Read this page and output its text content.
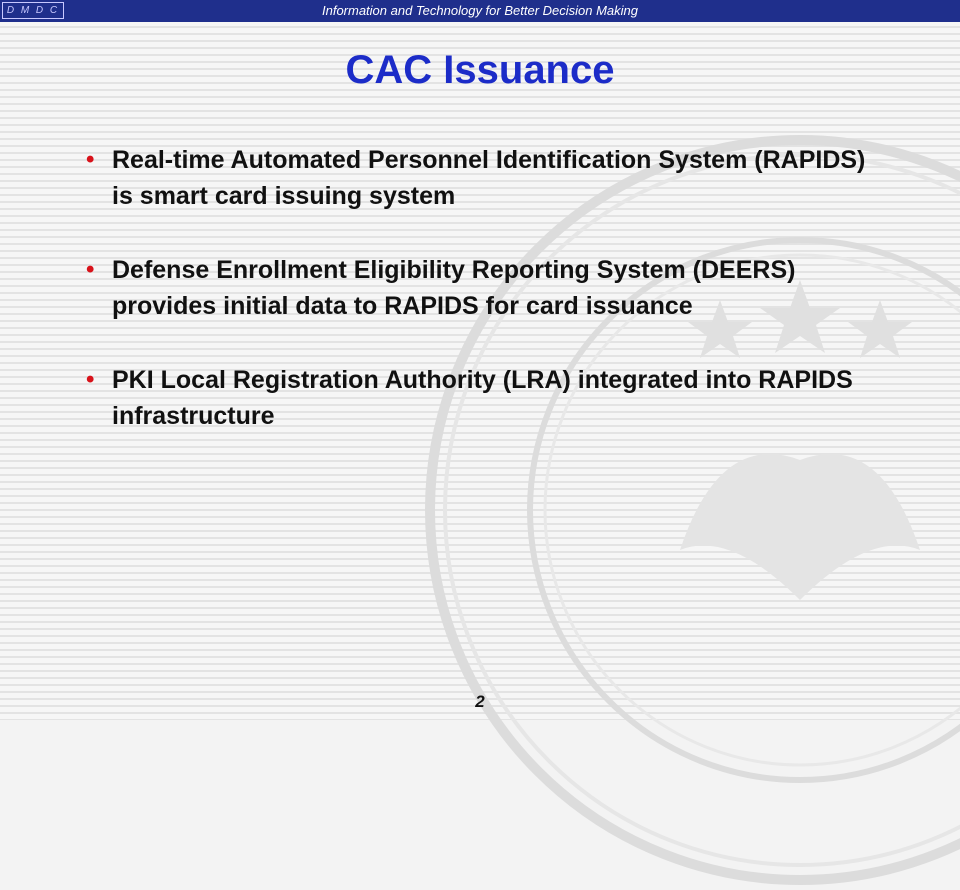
D M D C	Information and Technology for Better Decision Making
CAC Issuance
• Real-time Automated Personnel Identification System (RAPIDS) is smart card issuing system
• Defense Enrollment Eligibility Reporting System (DEERS) provides initial data to RAPIDS for card issuance
• PKI Local Registration Authority (LRA) integrated into RAPIDS infrastructure
2
